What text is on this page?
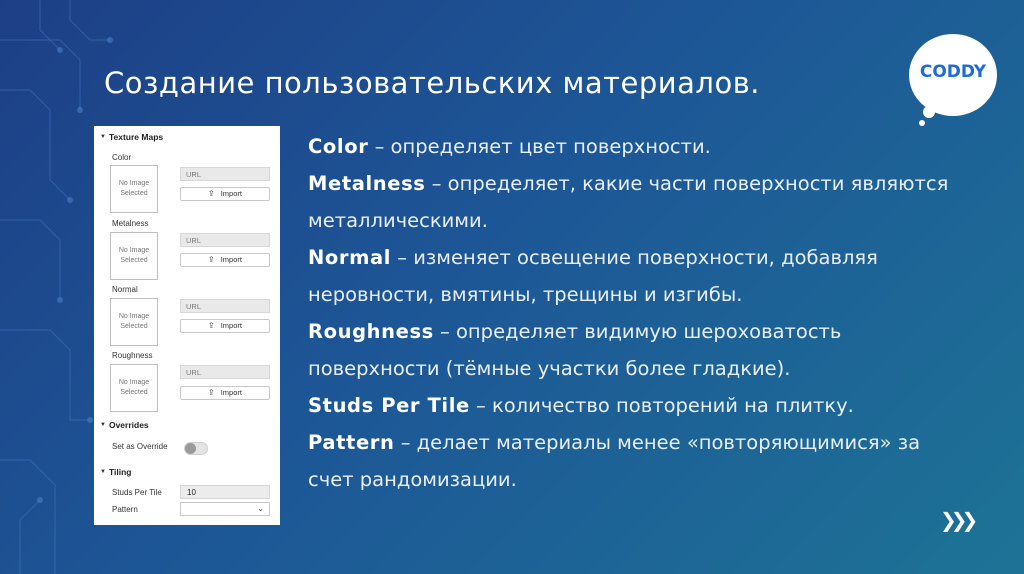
Создание пользовательских материалов.	CODDY
▼ Texture Maps
Color
No Image Selected
URL
⇪ Import
Metalness
No Image Selected
URL
⇪ Import
Normal
No Image Selected
URL
⇪ Import
Roughness
No Image Selected
URL
⇪ Import
▼ Overrides
Set as Override
▼ Tiling
Studs Per Tile	10
Pattern	⌄
Color – определяет цвет поверхности.
Metalness – определяет, какие части поверхности являются металлическими.
Normal – изменяет освещение поверхности, добавляя неровности, вмятины, трещины и изгибы.
Roughness – определяет видимую шероховатость поверхности (тёмные участки более гладкие).
Studs Per Tile – количество повторений на плитку.
Pattern – делает материалы менее «повторяющимися» за счет рандомизации.
❯❯❯
